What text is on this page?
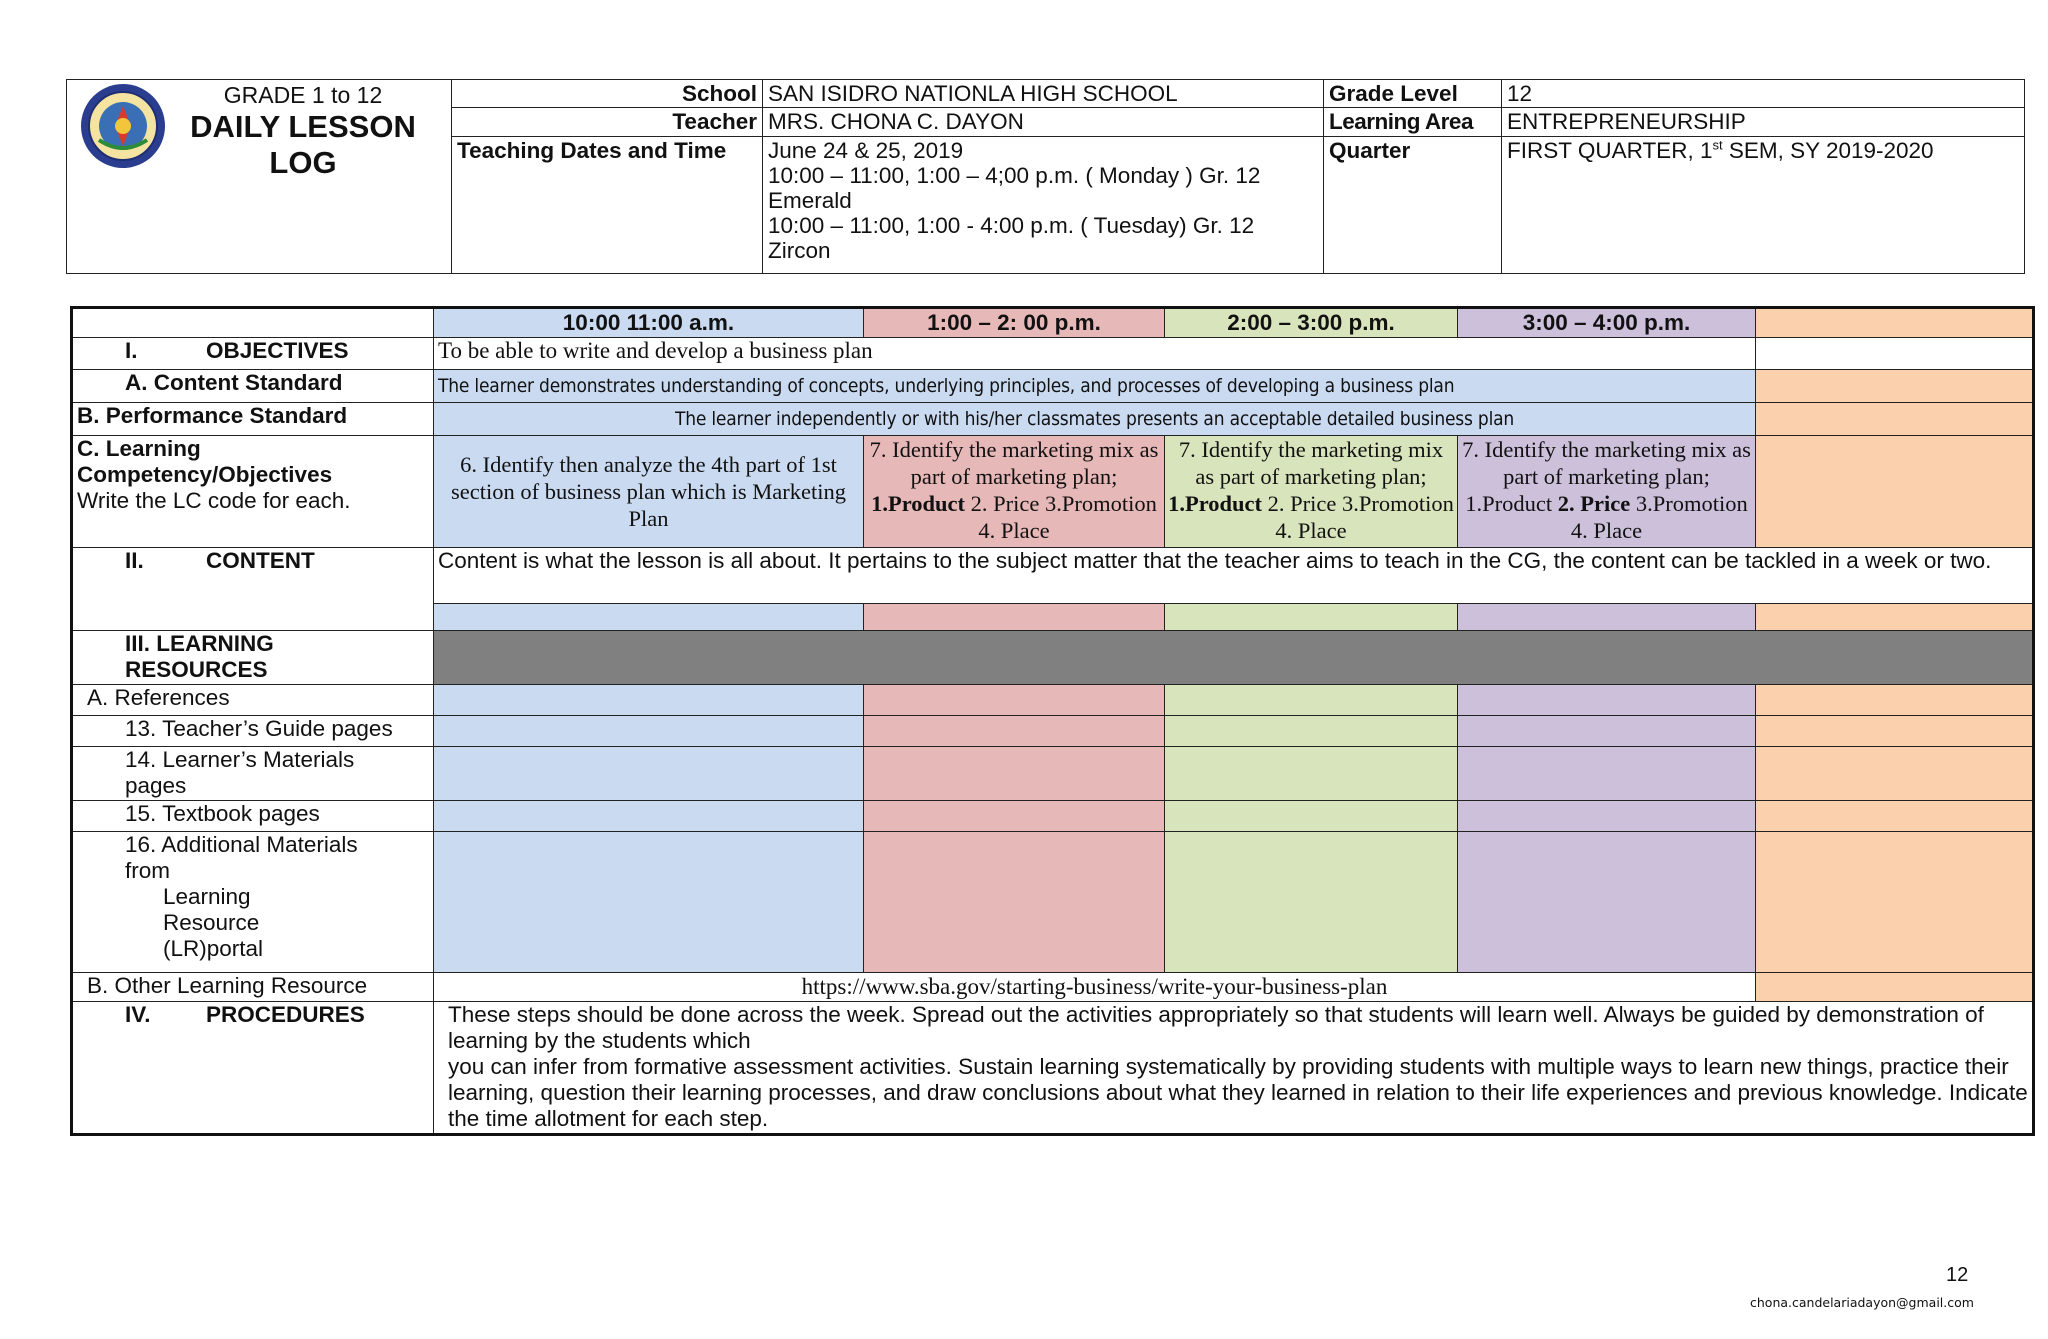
GRADE 1 to 12
DAILY LESSON
LOG	School	SAN ISIDRO NATIONLA HIGH SCHOOL	Grade Level	12
	Teacher	MRS. CHONA C. DAYON	Learning Area	ENTREPRENEURSHIP
	Teaching Dates and Time	June 24 & 25, 2019
10:00 – 11:00, 1:00 – 4;00 p.m. ( Monday ) Gr. 12
Emerald
10:00 – 11:00, 1:00 - 4:00 p.m. ( Tuesday) Gr. 12
Zircon	Quarter	FIRST QUARTER, 1st SEM, SY 2019-2020
	10:00 11:00 a.m.	1:00 – 2: 00 p.m.	2:00 – 3:00 p.m.	3:00 – 4:00 p.m.	
I. OBJECTIVES	To be able to write and develop a business plan				
A. Content Standard	The learner demonstrates understanding of concepts, underlying principles, and processes of developing a business plan				
B. Performance Standard	The learner independently or with his/her classmates presents an acceptable detailed business plan				

C. Learning
Competency/Objectives
Write the LC code for each.	6. Identify then analyze the 4th part of 1st section of business plan which is Marketing Plan	7. Identify the marketing mix as part of marketing plan; 1.Product 2. Price 3.Promotion 4. Place	7. Identify the marketing mix as part of marketing plan; 1.Product 2. Price 3.Promotion 4. Place	7. Identify the marketing mix as part of marketing plan; 1.Product 2. Price 3.Promotion 4. Place	
II. CONTENT	Content is what the lesson is all about. It pertains to the subject matter that the teacher aims to teach in the CG, the content can be tackled in a week or two.				

III. LEARNING
RESOURCES					

A. References					
13. Teacher’s Guide pages					

14. Learner’s Materials
pages					

15. Textbook pages					

16. Additional Materials
from
Learning
Resource
(LR)portal					

B. Other Learning Resource	https://www.sba.gov/starting-business/write-your-business-plan				
IV. PROCEDURES	These steps should be done across the week. Spread out the activities appropriately so that students will learn well. Always be guided by demonstration of learning by the students which
you can infer from formative assessment activities. Sustain learning systematically by providing students with multiple ways to learn new things, practice their learning, question their learning processes, and draw conclusions about what they learned in relation to their life experiences and previous knowledge. Indicate the time allotment for each step.				
12
chona.candelariadayon@gmail.com
